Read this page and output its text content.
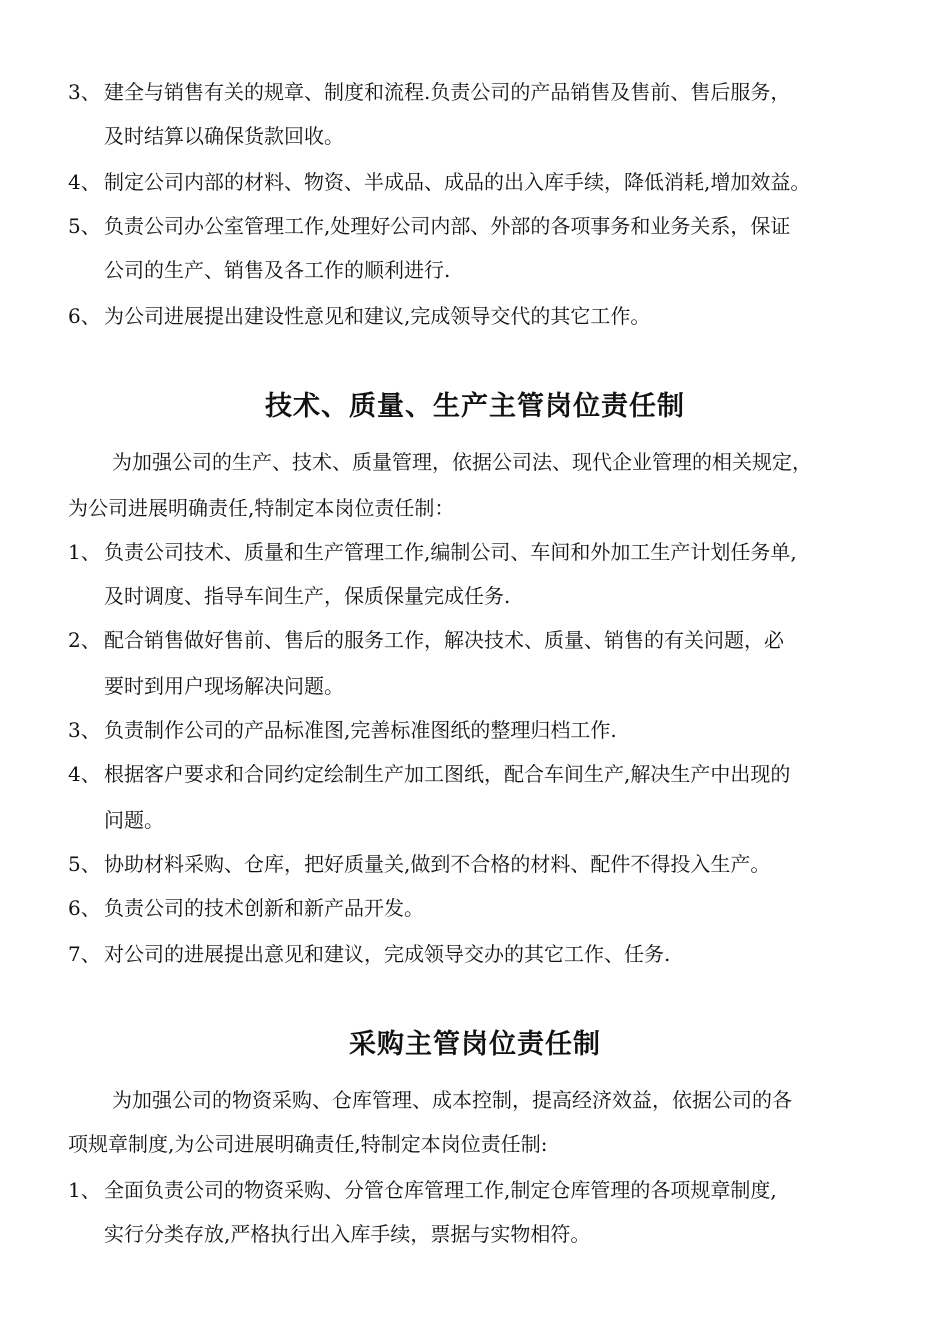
3、 建全与销售有关的规章、制度和流程.负责公司的产品销售及售前、售后服务，
及时结算以确保货款回收。
4、 制定公司内部的材料、物资、半成品、成品的出入库手续，降低消耗,增加效益。
5、 负责公司办公室管理工作,处理好公司内部、外部的各项事务和业务关系，保证
公司的生产、销售及各工作的顺利进行.
6、 为公司进展提出建设性意见和建议,完成领导交代的其它工作。
技术、质量、生产主管岗位责任制
为加强公司的生产、技术、质量管理，依据公司法、现代企业管理的相关规定，
为公司进展明确责任,特制定本岗位责任制：
1、 负责公司技术、质量和生产管理工作,编制公司、车间和外加工生产计划任务单,
及时调度、指导车间生产，保质保量完成任务.
2、 配合销售做好售前、售后的服务工作，解决技术、质量、销售的有关问题，必
要时到用户现场解决问题。
3、 负责制作公司的产品标准图,完善标准图纸的整理归档工作.
4、 根据客户要求和合同约定绘制生产加工图纸，配合车间生产,解决生产中出现的
问题。
5、 协助材料采购、仓库，把好质量关,做到不合格的材料、配件不得投入生产。
6、 负责公司的技术创新和新产品开发。
7、 对公司的进展提出意见和建议，完成领导交办的其它工作、任务.
采购主管岗位责任制
为加强公司的物资采购、仓库管理、成本控制，提高经济效益，依据公司的各
项规章制度,为公司进展明确责任,特制定本岗位责任制:
1、 全面负责公司的物资采购、分管仓库管理工作,制定仓库管理的各项规章制度,
实行分类存放,严格执行出入库手续，票据与实物相符。
